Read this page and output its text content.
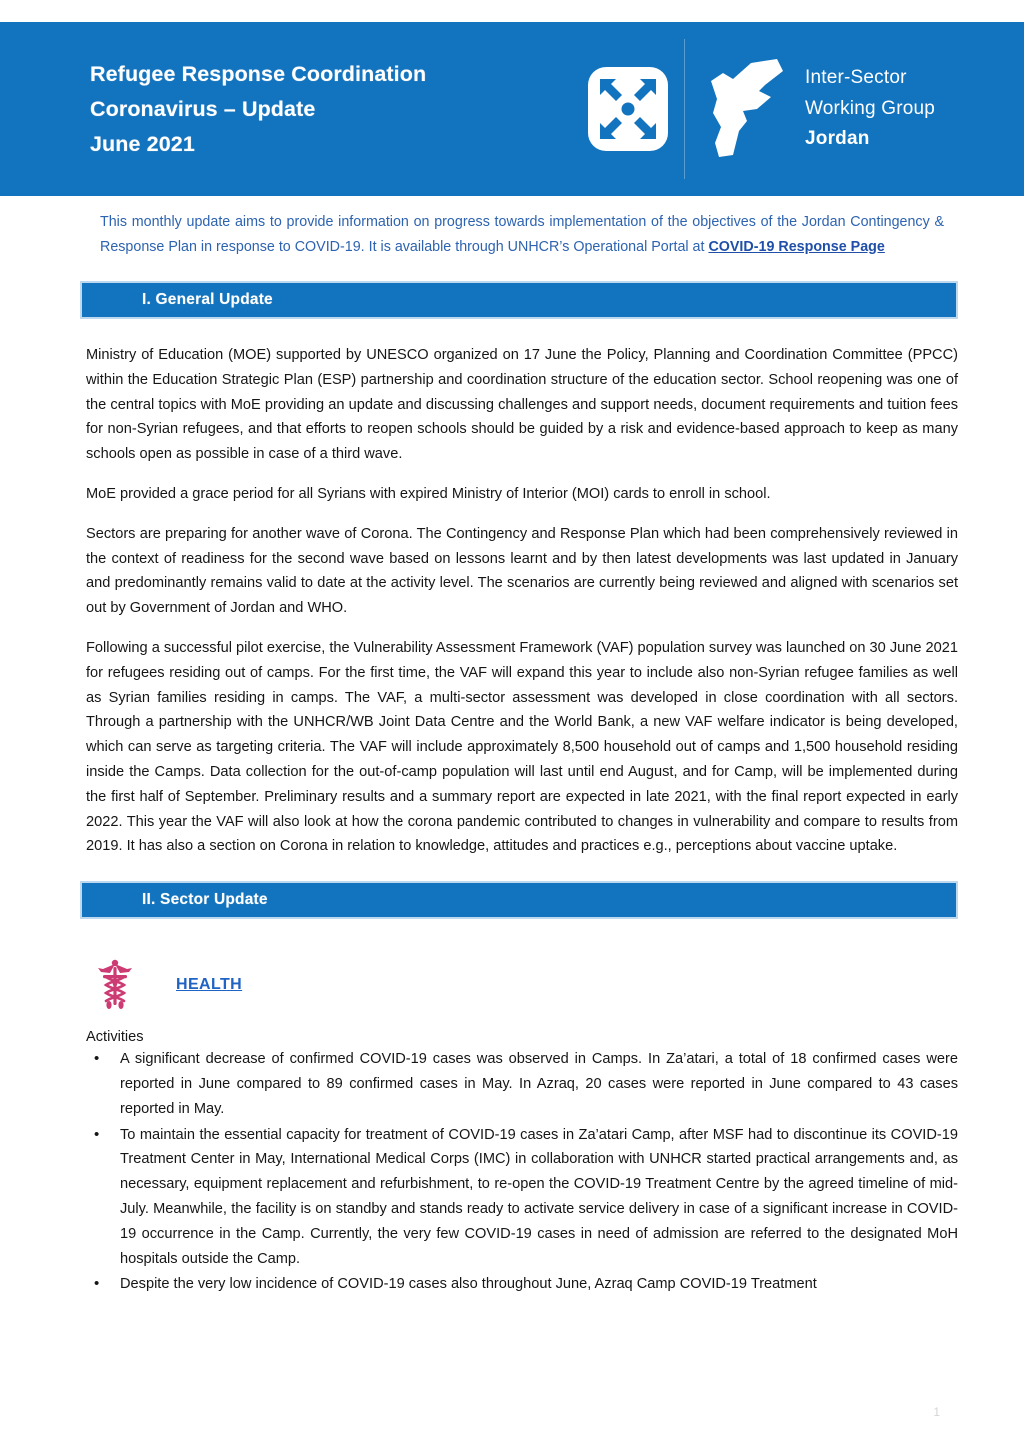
Refugee Response Coordination
Coronavirus – Update
June 2021
Inter-Sector
Working Group
Jordan

This monthly update aims to provide information on progress towards implementation of the objectives of the Jordan Contingency & Response Plan in response to COVID-19. It is available through UNHCR’s Operational Portal at COVID-19 Response Page

I. General Update

Ministry of Education (MOE) supported by UNESCO organized on 17 June the Policy, Planning and Coordination Committee (PPCC) within the Education Strategic Plan (ESP) partnership and coordination structure of the education sector. School reopening was one of the central topics with MoE providing an update and discussing challenges and support needs, document requirements and tuition fees for non-Syrian refugees, and that efforts to reopen schools should be guided by a risk and evidence-based approach to keep as many schools open as possible in case of a third wave.

MoE provided a grace period for all Syrians with expired Ministry of Interior (MOI) cards to enroll in school.

Sectors are preparing for another wave of Corona. The Contingency and Response Plan which had been comprehensively reviewed in the context of readiness for the second wave based on lessons learnt and by then latest developments was last updated in January and predominantly remains valid to date at the activity level. The scenarios are currently being reviewed and aligned with scenarios set out by Government of Jordan and WHO.

Following a successful pilot exercise, the Vulnerability Assessment Framework (VAF) population survey was launched on 30 June 2021 for refugees residing out of camps. For the first time, the VAF will expand this year to include also non-Syrian refugee families as well as Syrian families residing in camps. The VAF, a multi-sector assessment was developed in close coordination with all sectors. Through a partnership with the UNHCR/WB Joint Data Centre and the World Bank, a new VAF welfare indicator is being developed, which can serve as targeting criteria. The VAF will include approximately 8,500 household out of camps and 1,500 household residing inside the Camps. Data collection for the out-of-camp population will last until end August, and for Camp, will be implemented during the first half of September. Preliminary results and a summary report are expected in late 2021, with the final report expected in early 2022. This year the VAF will also look at how the corona pandemic contributed to changes in vulnerability and compare to results from 2019. It has also a section on Corona in relation to knowledge, attitudes and practices e.g., perceptions about vaccine uptake.

II. Sector Update
HEALTH
Activities
• A significant decrease of confirmed COVID-19 cases was observed in Camps. In Za’atari, a total of 18 confirmed cases were reported in June compared to 89 confirmed cases in May. In Azraq, 20 cases were reported in June compared to 43 cases reported in May.
• To maintain the essential capacity for treatment of COVID-19 cases in Za’atari Camp, after MSF had to discontinue its COVID-19 Treatment Center in May, International Medical Corps (IMC) in collaboration with UNHCR started practical arrangements and, as necessary, equipment replacement and refurbishment, to re-open the COVID-19 Treatment Centre by the agreed timeline of mid-July. Meanwhile, the facility is on standby and stands ready to activate service delivery in case of a significant increase in COVID-19 occurrence in the Camp. Currently, the very few COVID-19 cases in need of admission are referred to the designated MoH hospitals outside the Camp.
• Despite the very low incidence of COVID-19 cases also throughout June, Azraq Camp COVID-19 Treatment
1
